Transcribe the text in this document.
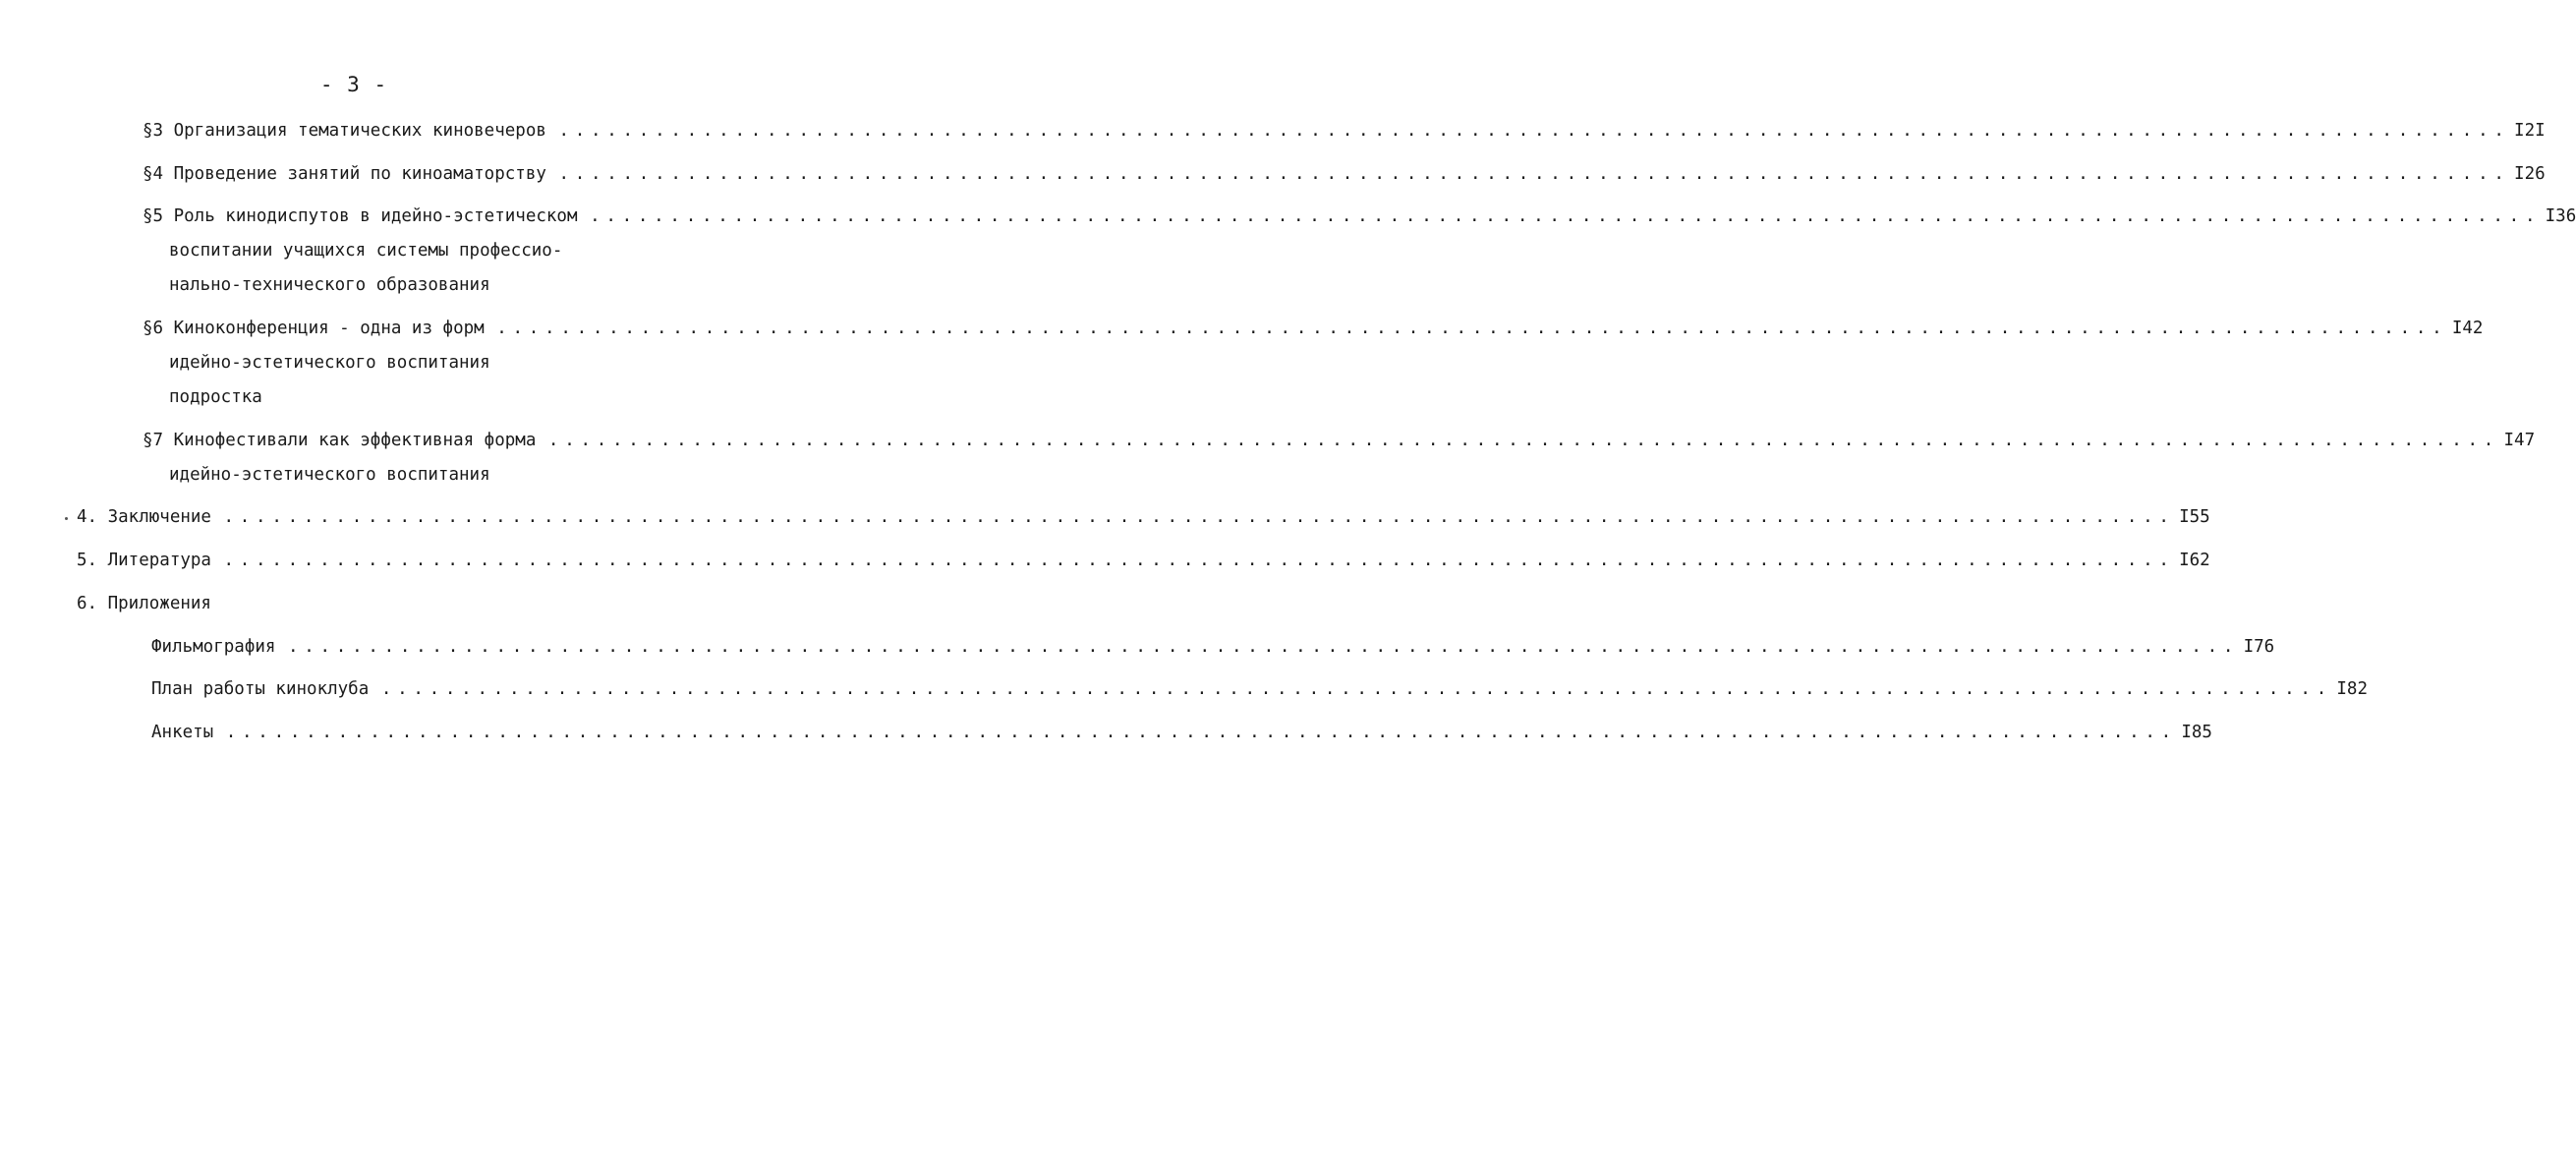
- 3 -
§3 Организация тематических киновечеров . . .	I2I
§4 Проведение занятий по кинoaматорству . . .	I26
§5 Роль кинодиспутов в идейно-эстетическом . . .	I36
воспитании учащихся системы профессио-
нально-технического образования
§6 Киноконференция - одна из форм . . .	I42
идейно-эстетического воспитания
подростка
§7 Кинофестивали как эффективная форма . . .	I47
идейно-эстетического воспитания
4. Заключение . . .	I55
5. Литература . . .	I62
6. Приложения
Фильмография . . .	I76
План работы киноклуба . . .	I82
Анкеты . . .	I85
